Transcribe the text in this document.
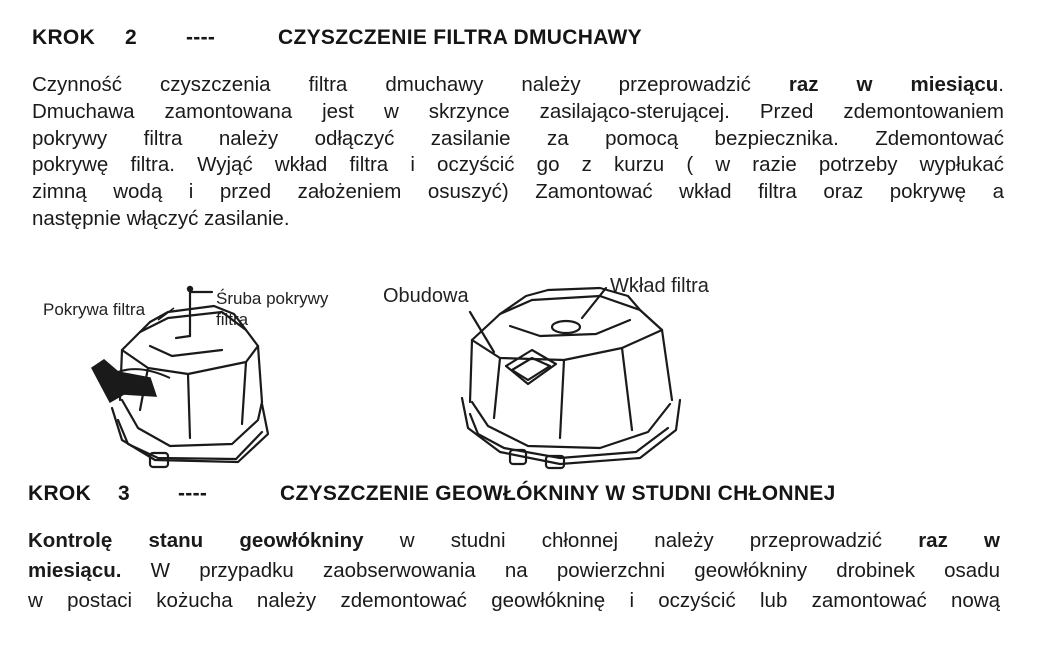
KROK 2 ----	CZYSZCZENIE FILTRA DMUCHAWY
Czynność czyszczenia filtra dmuchawy należy przeprowadzić raz w miesiącu.
Dmuchawa zamontowana jest w skrzynce zasilająco-sterującej. Przed zdemontowaniem
pokrywy filtra należy odłączyć zasilanie za pomocą bezpiecznika. Zdemontować
pokrywę filtra. Wyjąć wkład filtra i oczyścić go z kurzu ( w razie potrzeby wypłukać
zimną wodą i przed założeniem osuszyć) Zamontować wkład filtra oraz pokrywę a
następnie włączyć zasilanie.
Pokrywa filtra
Śruba pokrywy
filtra
Obudowa	Wkład filtra
KROK 3 ----	CZYSZCZENIE GEOWŁÓKNINY W STUDNI CHŁONNEJ
Kontrolę stanu geowłókniny w studni chłonnej należy przeprowadzić raz w
miesiącu. W przypadku zaobserwowania na powierzchni geowłókniny drobinek osadu
w postaci kożucha należy zdemontować geowłókninę i oczyścić lub zamontować nową
